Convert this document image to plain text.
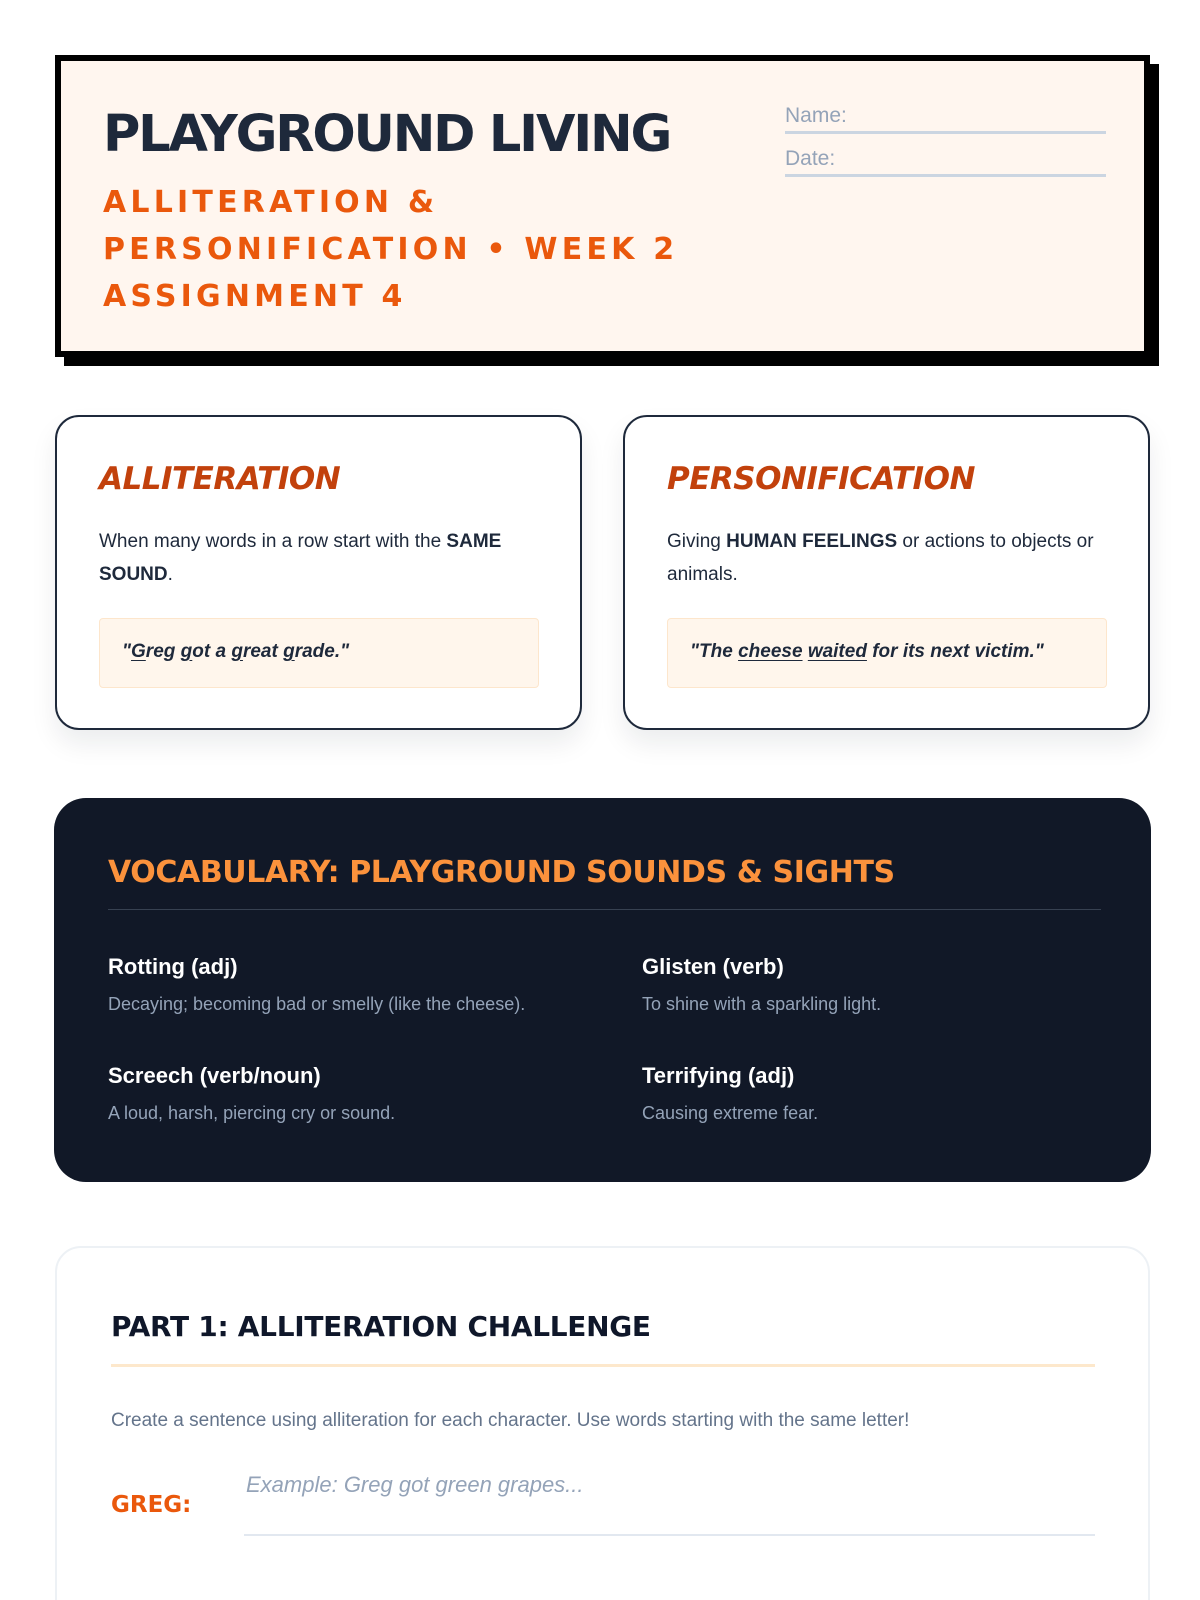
PLAYGROUND LIVING
ALLITERATION &
PERSONIFICATION • WEEK 2
ASSIGNMENT 4
Name:
Date:
ALLITERATION
When many words in a row start with the SAME SOUND.
"Greg got a great grade."
PERSONIFICATION
Giving HUMAN FEELINGS or actions to objects or animals.
"The cheese waited for its next victim."
VOCABULARY: PLAYGROUND SOUNDS & SIGHTS
Rotting (adj)
Decaying; becoming bad or smelly (like the cheese).
Glisten (verb)
To shine with a sparkling light.
Screech (verb/noun)
A loud, harsh, piercing cry or sound.
Terrifying (adj)
Causing extreme fear.
PART 1: ALLITERATION CHALLENGE
Create a sentence using alliteration for each character. Use words starting with the same letter!
GREG:
Example: Greg got green grapes...
